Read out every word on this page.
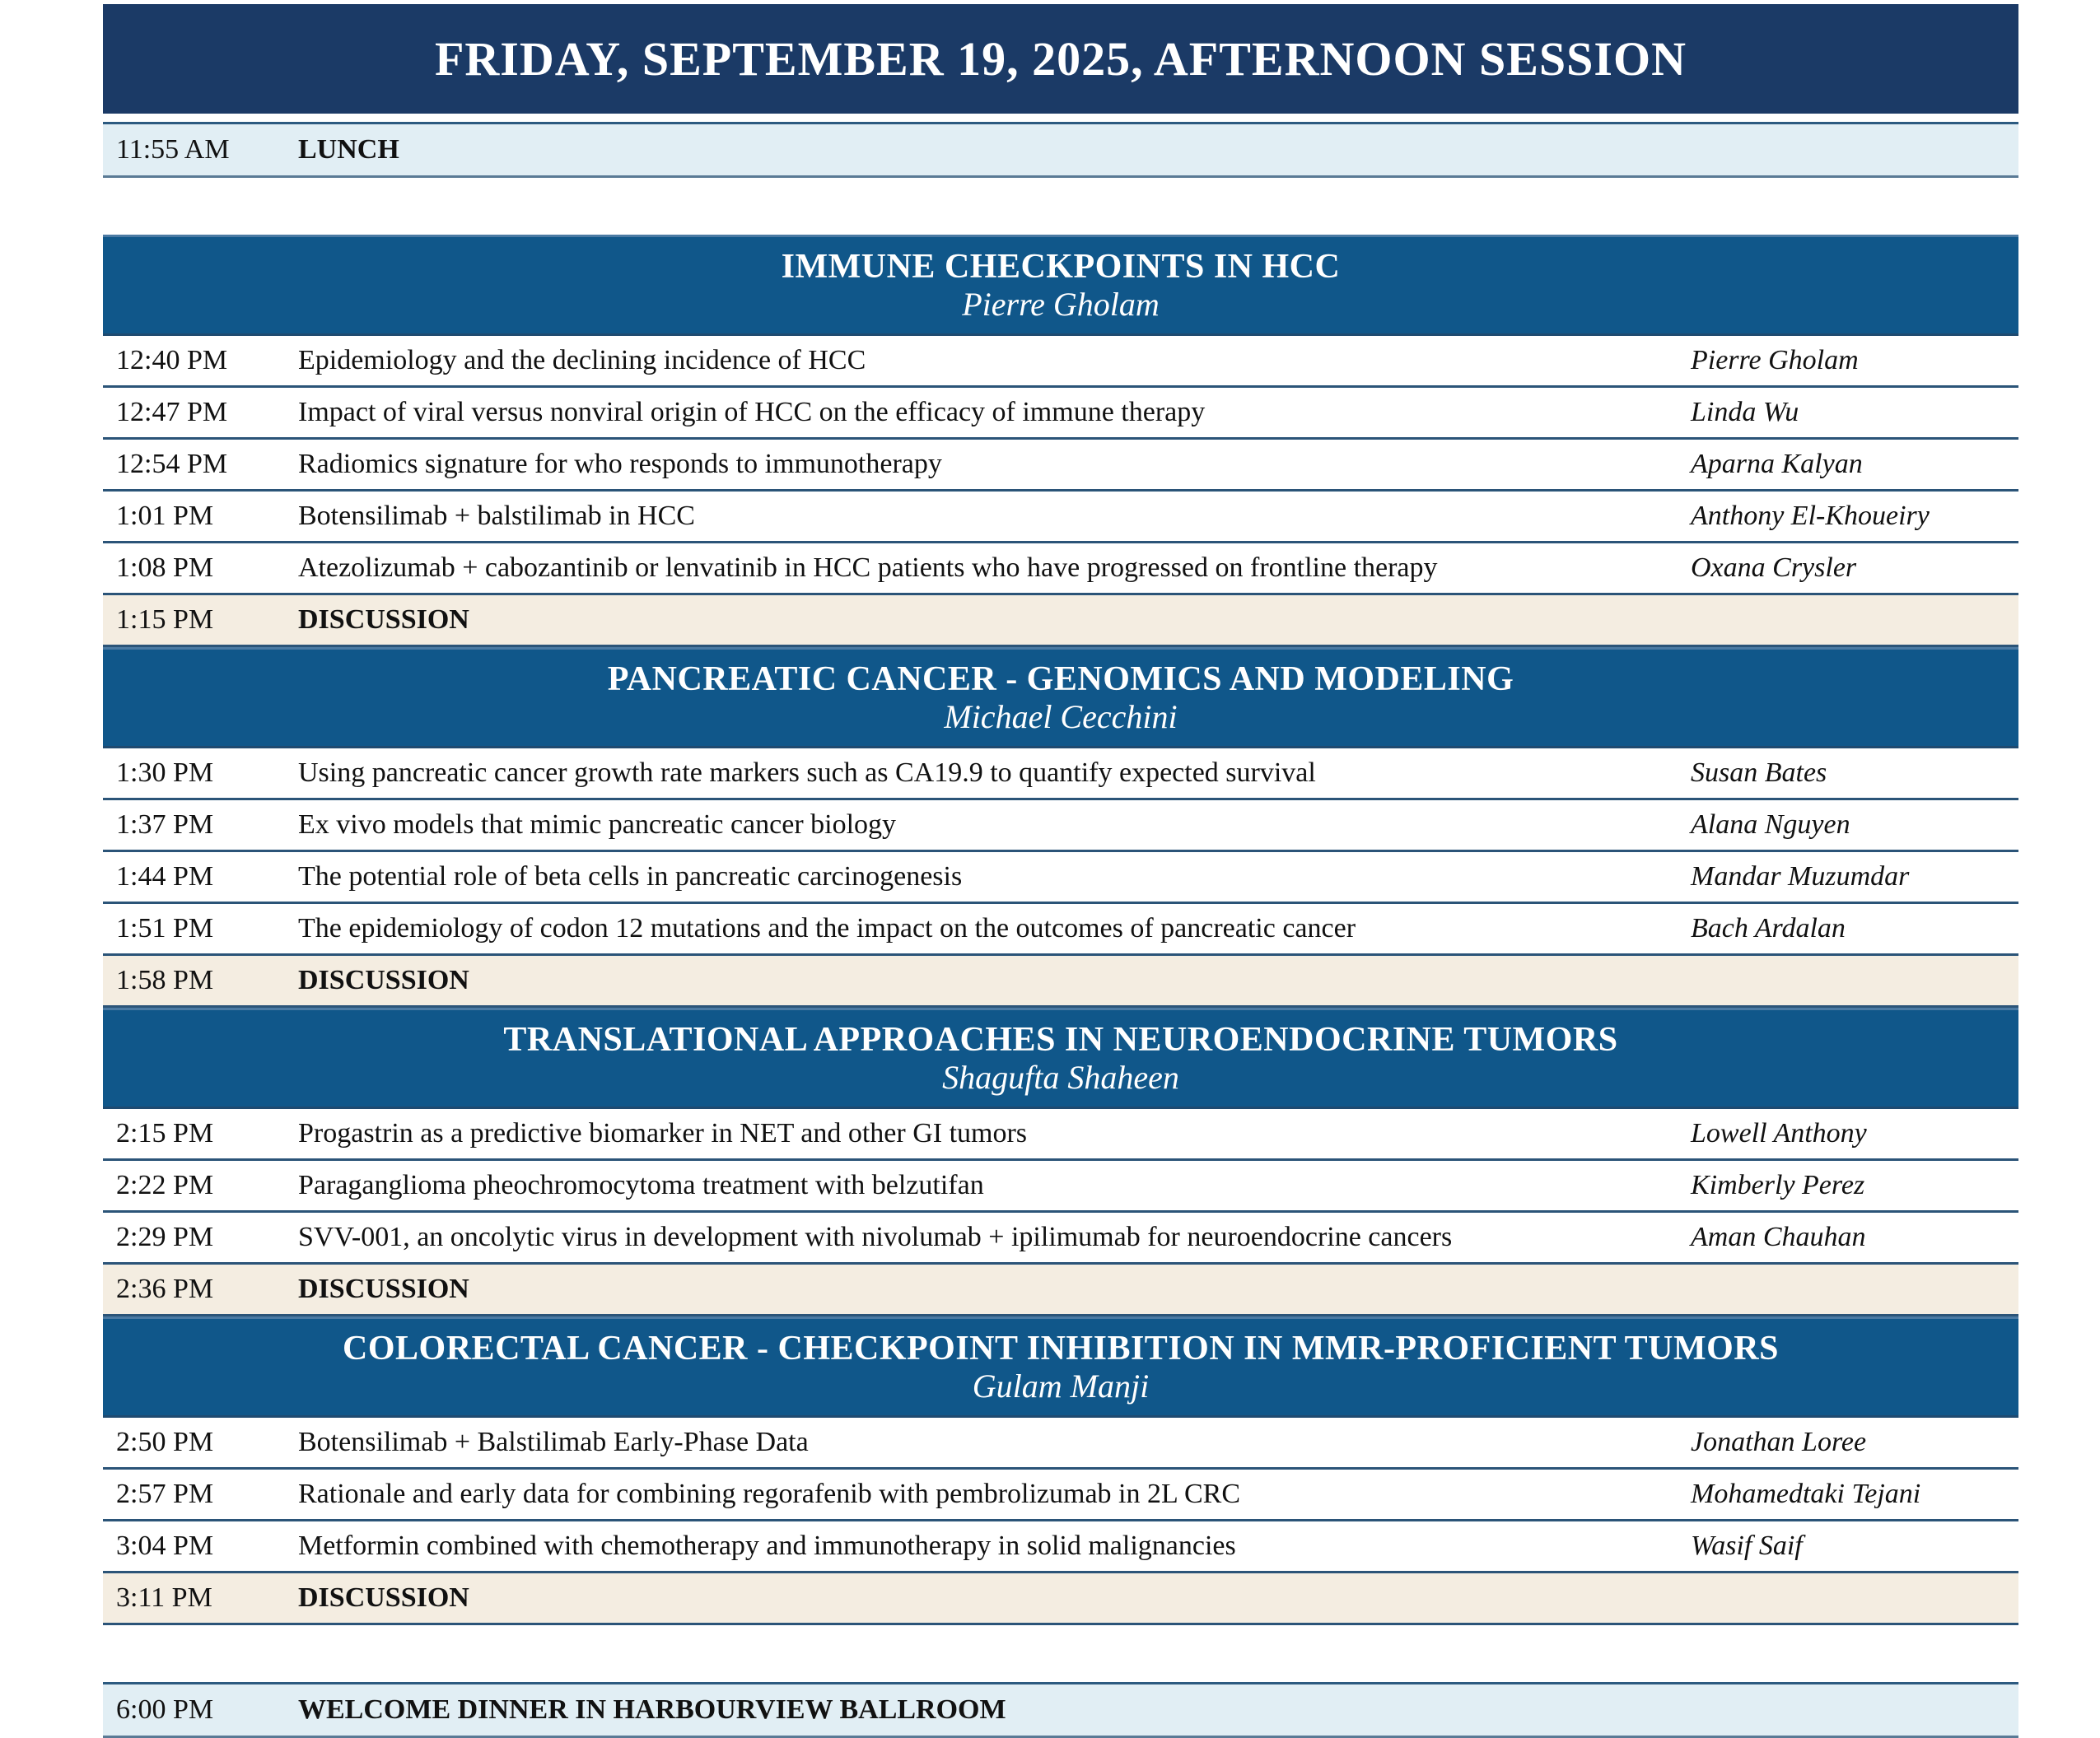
FRIDAY, SEPTEMBER 19, 2025, AFTERNOON SESSION
11:55 AM	LUNCH
IMMUNE CHECKPOINTS IN HCC
Pierre Gholam
12:40 PM	Epidemiology and the declining incidence of HCC	Pierre Gholam
12:47 PM	Impact of viral versus nonviral origin of HCC on the efficacy of immune therapy	Linda Wu
12:54 PM	Radiomics signature for who responds to immunotherapy	Aparna Kalyan
1:01 PM	Botensilimab + balstilimab in HCC	Anthony El-Khoueiry
1:08 PM	Atezolizumab + cabozantinib or lenvatinib in HCC patients who have progressed on frontline therapy	Oxana Crysler
1:15 PM	DISCUSSION
PANCREATIC CANCER - GENOMICS AND MODELING
Michael Cecchini
1:30 PM	Using pancreatic cancer growth rate markers such as CA19.9 to quantify expected survival	Susan Bates
1:37 PM	Ex vivo models that mimic pancreatic cancer biology	Alana Nguyen
1:44 PM	The potential role of beta cells in pancreatic carcinogenesis	Mandar Muzumdar
1:51 PM	The epidemiology of codon 12 mutations and the impact on the outcomes of pancreatic cancer	Bach Ardalan
1:58 PM	DISCUSSION
TRANSLATIONAL APPROACHES IN NEUROENDOCRINE TUMORS
Shagufta Shaheen
2:15 PM	Progastrin as a predictive biomarker in NET and other GI tumors	Lowell Anthony
2:22 PM	Paraganglioma pheochromocytoma treatment with belzutifan	Kimberly Perez
2:29 PM	SVV-001, an oncolytic virus in development with nivolumab + ipilimumab for neuroendocrine cancers	Aman Chauhan
2:36 PM	DISCUSSION
COLORECTAL CANCER - CHECKPOINT INHIBITION IN MMR-PROFICIENT TUMORS
Gulam Manji
2:50 PM	Botensilimab + Balstilimab Early-Phase Data	Jonathan Loree
2:57 PM	Rationale and early data for combining regorafenib with pembrolizumab in 2L CRC	Mohamedtaki Tejani
3:04 PM	Metformin combined with chemotherapy and immunotherapy in solid malignancies	Wasif Saif
3:11 PM	DISCUSSION
6:00 PM	WELCOME DINNER IN HARBOURVIEW BALLROOM
